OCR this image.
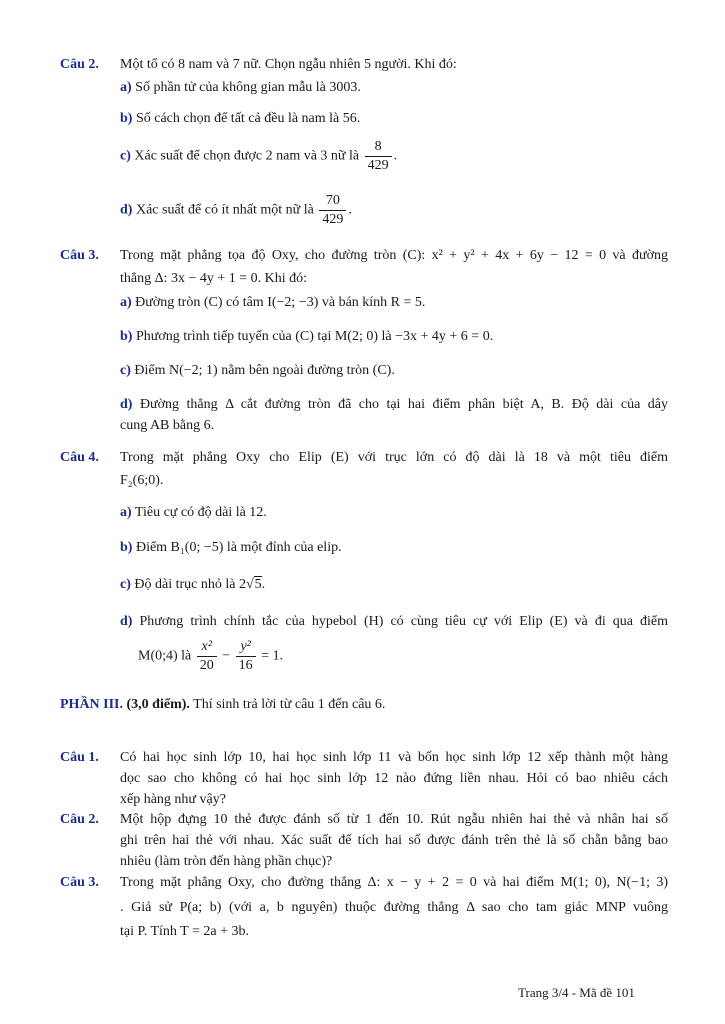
Câu 2. Một tổ có 8 nam và 7 nữ. Chọn ngẫu nhiên 5 người. Khi đó:
a) Số phần tử của không gian mẫu là 3003.
b) Số cách chọn để tất cả đều là nam là 56.
c) Xác suất để chọn được 2 nam và 3 nữ là $\frac{8}{429}$ .
d) Xác suất để có ít nhất một nữ là $\frac{70}{429}$ .
Câu 3. Trong mặt phẳng tọa độ Oxy, cho đường tròn (C): x² + y² + 4x + 6y − 12 = 0 và đường
thẳng Δ: 3x − 4y + 1 = 0. Khi đó:
a) Đường tròn (C) có tâm I(−2; −3) và bán kính R = 5.
b) Phương trình tiếp tuyến của (C) tại M(2; 0) là −3x + 4y + 6 = 0.
c) Điểm N(−2; 1) nằm bên ngoài đường tròn (C).
d) Đường thẳng Δ cắt đường tròn đã cho tại hai điểm phân biệt A, B. Độ dài của dây
cung AB bằng 6.
Câu 4. Trong mặt phẳng Oxy cho Elip (E) với trục lớn có độ dài là 18 và một tiêu điểm
F₂(6;0).
a) Tiêu cự có độ dài là 12.
b) Điểm B₁(0; −5) là một đỉnh của elip.
c) Độ dài trục nhỏ là 2√5.
d) Phương trình chính tắc của hypebol (H) có cùng tiêu cự với Elip (E) và đi qua điểm
M(0;4) là $\frac{\text{x²}}{20} - \frac{\text{y²}}{16} = 1$.
PHẦN III. (3,0 điểm). Thí sinh trả lời từ câu 1 đến câu 6.
Câu 1. Có hai học sinh lớp 10, hai học sinh lớp 11 và bốn học sinh lớp 12 xếp thành một hàng
dọc sao cho không có hai học sinh lớp 12 nào đứng liền nhau. Hỏi có bao nhiêu cách
xếp hàng như vậy?
Câu 2. Một hộp đựng 10 thẻ được đánh số từ 1 đến 10. Rút ngẫu nhiên hai thẻ và nhân hai số
ghi trên hai thẻ với nhau. Xác suất để tích hai số được đánh trên thẻ là số chẵn bằng bao
nhiêu (làm tròn đến hàng phần chục)?
Câu 3. Trong mặt phẳng Oxy, cho đường thẳng Δ: x − y + 2 = 0 và hai điểm M(1; 0), N(−1; 3)
. Giả sử P(a; b) (với a, b nguyên) thuộc đường thẳng Δ sao cho tam giác MNP vuông
tại P. Tính T = 2a + 3b.
Trang 3/4 - Mã đề 101
